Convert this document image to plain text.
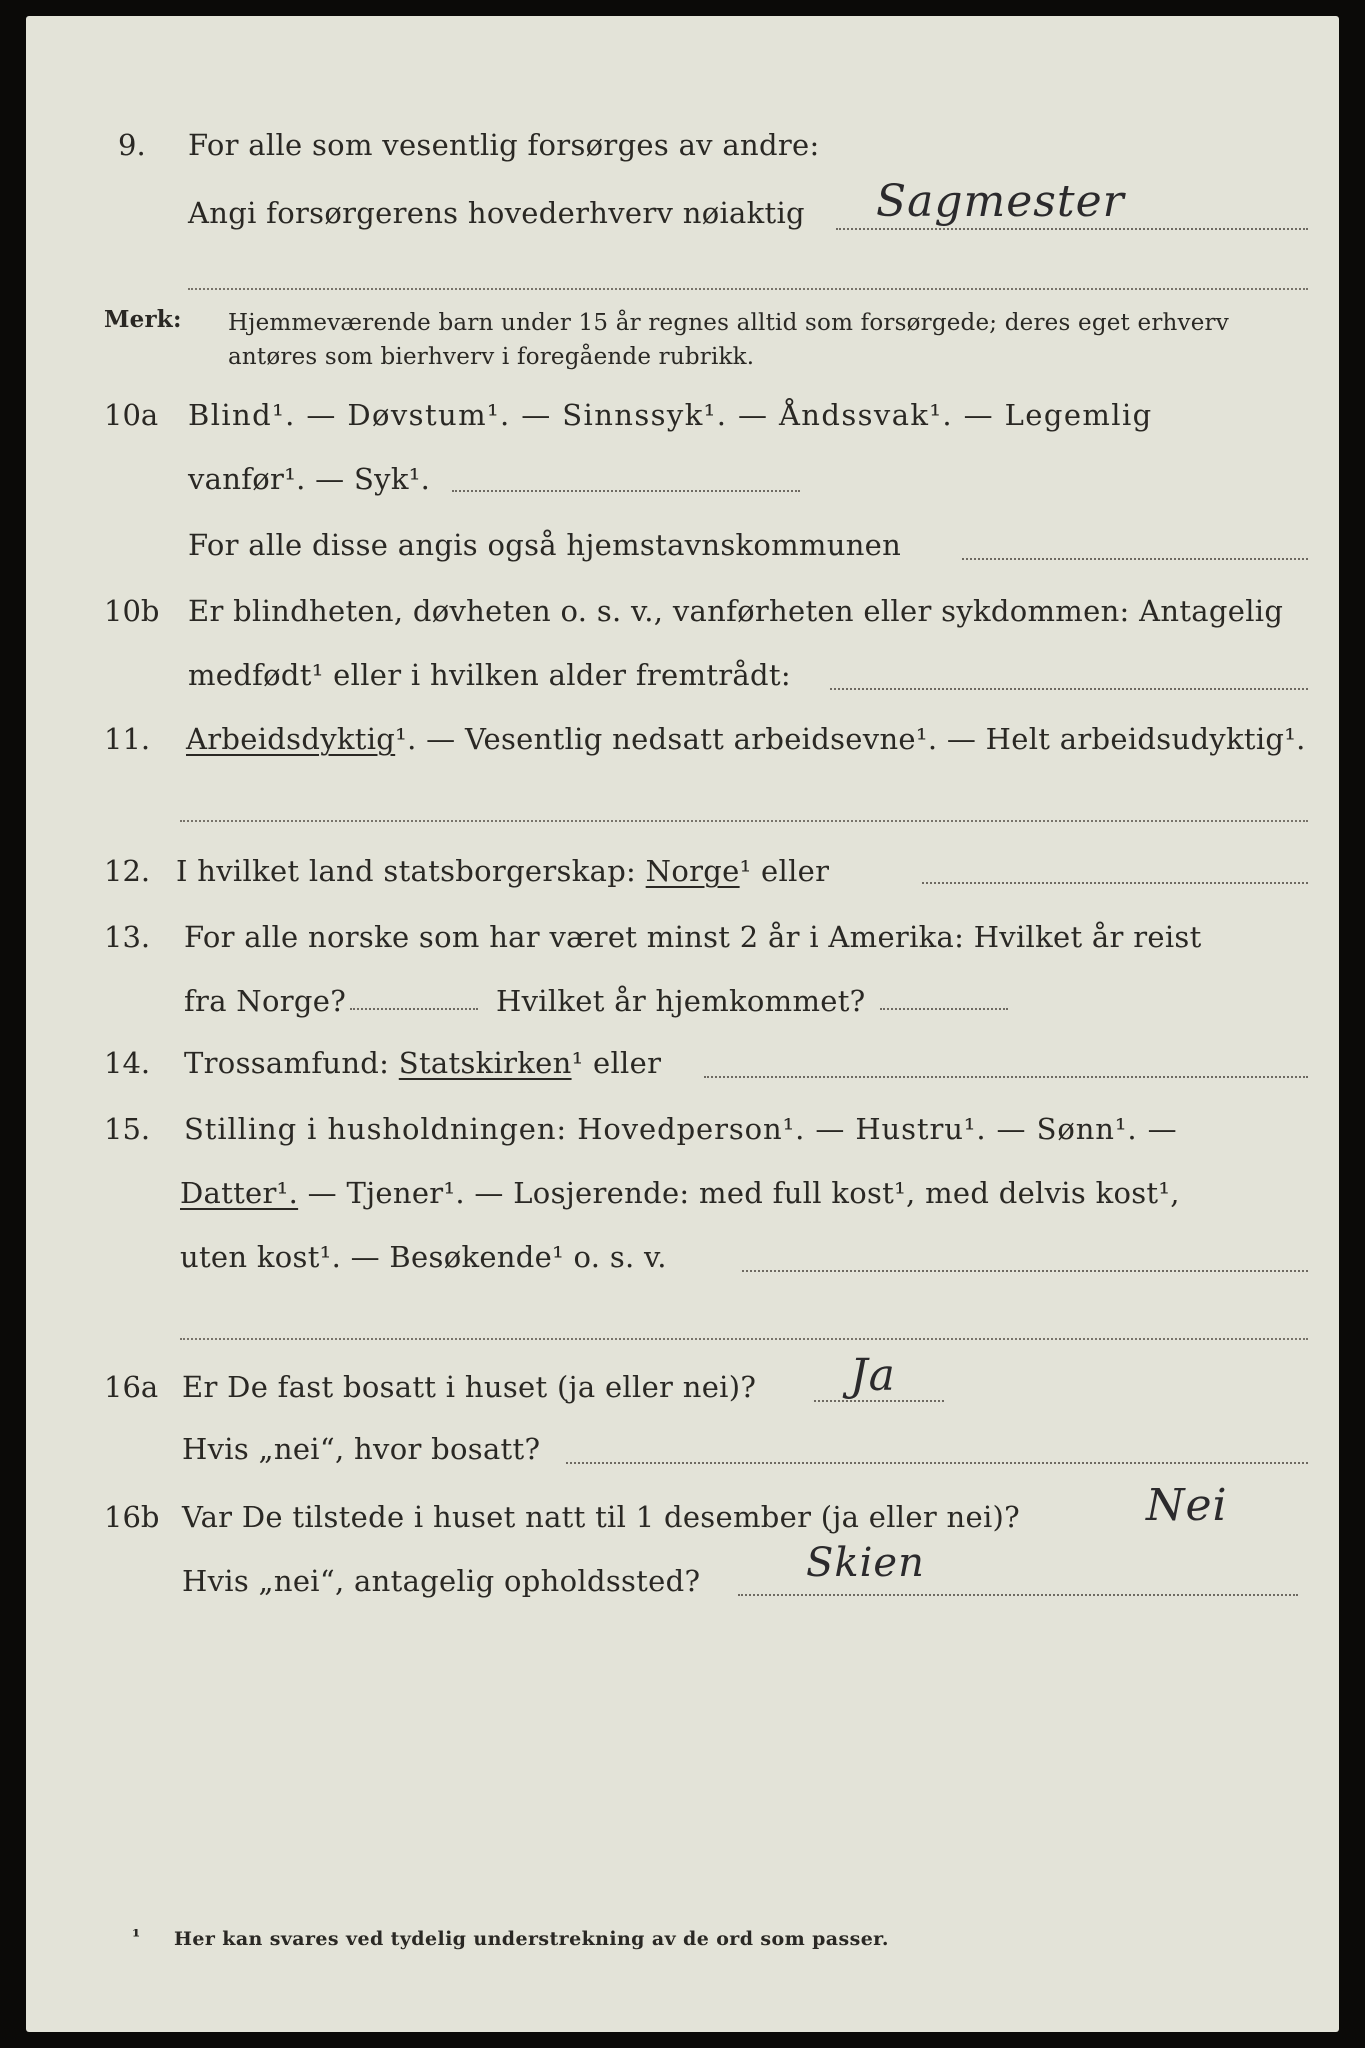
9. For alle som vesentlig forsørges av andre:
Angi forsørgerens hovederhverv nøiaktig Sagmester
Merk: Hjemmeværende barn under 15 år regnes alltid som forsørgede; deres eget erhverv
antøres som bierhverv i foregående rubrikk.
10a Blind¹. — Døvstum¹. — Sinnssyk¹. — Åndssvak¹. — Legemlig
vanfør¹. — Syk¹.
For alle disse angis også hjemstavnskommunen
10b Er blindheten, døvheten o. s. v., vanførheten eller sykdommen: Antagelig
medfødt¹ eller i hvilken alder fremtrådt:
11. Arbeidsdyktig¹. — Vesentlig nedsatt arbeidsevne¹. — Helt arbeidsudyktig¹.
12. I hvilket land statsborgerskap: Norge¹ eller
13. For alle norske som har været minst 2 år i Amerika: Hvilket år reist
fra Norge?	Hvilket år hjemkommet?
14. Trossamfund: Statskirken¹ eller
15. Stilling i husholdningen: Hovedperson¹. — Hustru¹. — Sønn¹. —
Datter¹. — Tjener¹. — Losjerende: med full kost¹, med delvis kost¹,
uten kost¹. — Besøkende¹ o. s. v.
16a Er De fast bosatt i huset (ja eller nei)? Ja
Hvis „nei“, hvor bosatt?
16b Var De tilstede i huset natt til 1 desember (ja eller nei)?	Nei
Hvis „nei“, antagelig opholdssted?	Skien
¹ Her kan svares ved tydelig understrekning av de ord som passer.
